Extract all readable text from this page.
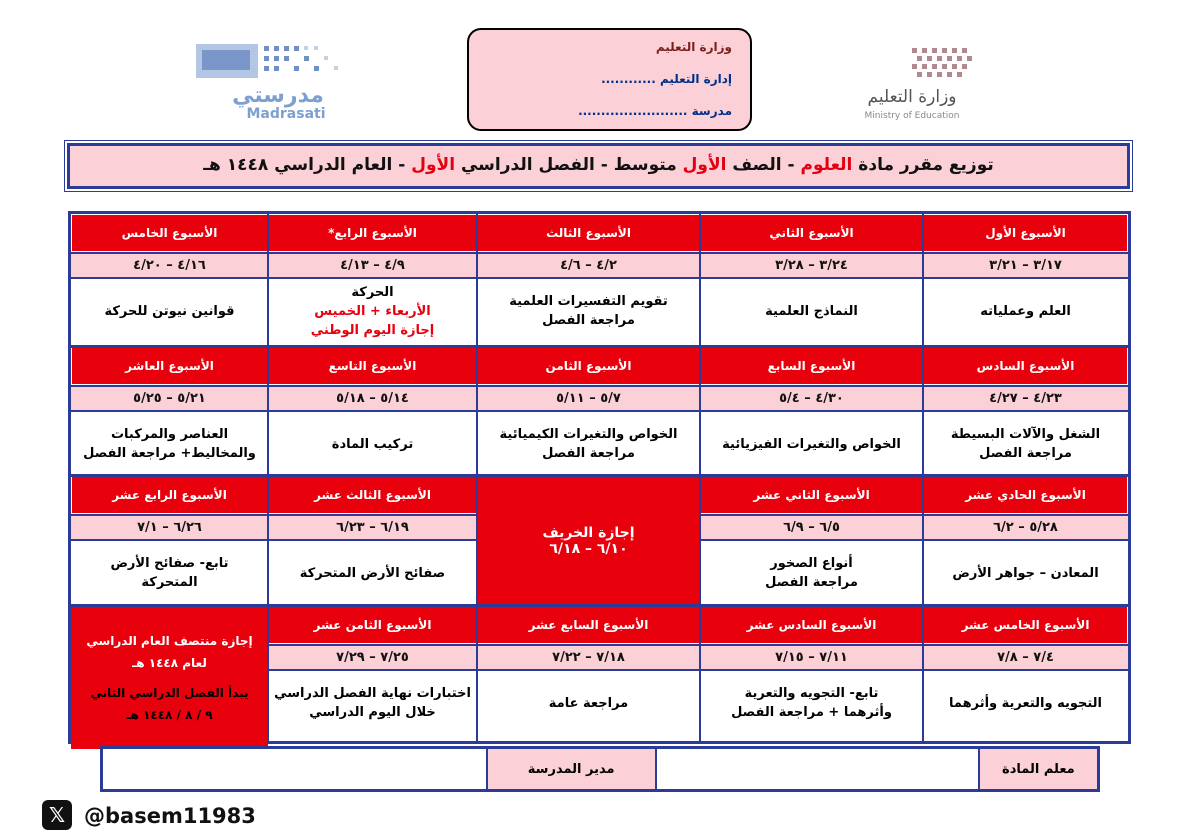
مدرستي
Madrasati
وزارة التعليم
Ministry of Education
وزارة التعليم
إدارة التعليم ............
مدرسة ........................
توزيع مقرر مادة العلوم - الصف الأول متوسط - الفصل الدراسي الأول - العام الدراسي ١٤٤٨ هـ
الأسبوع الأول
٣/١٧ – ٣/٢١
العلم وعملياته
الأسبوع الثاني
٣/٢٤ – ٣/٢٨
النماذج العلمية
الأسبوع الثالث
٤/٢ – ٤/٦
تقويم التفسيرات العلمية
مراجعة الفصل
الأسبوع الرابع*
٤/٩ – ٤/١٣
الحركة
الأربعاء + الخميس
إجازة اليوم الوطني
الأسبوع الخامس
٤/١٦ – ٤/٢٠
قوانين نيوتن للحركة
الأسبوع السادس
٤/٢٣ – ٤/٢٧
الشغل والآلات البسيطة
مراجعة الفصل
الأسبوع السابع
٤/٣٠ – ٥/٤
الخواص والتغيرات الفيزيائية
الأسبوع الثامن
٥/٧ – ٥/١١
الخواص والتغيرات الكيميائية
مراجعة الفصل
الأسبوع التاسع
٥/١٤ – ٥/١٨
تركيب المادة
الأسبوع العاشر
٥/٢١ – ٥/٢٥
العناصر والمركبات
والمخاليط+ مراجعة الفصل
الأسبوع الحادي عشر
٥/٢٨ – ٦/٢
المعادن – جواهر الأرض
الأسبوع الثاني عشر
٦/٥ – ٦/٩
أنواع الصخور
مراجعة الفصل
الأسبوع الثالث عشر
٦/١٩ – ٦/٢٣
صفائح الأرض المتحركة
الأسبوع الرابع عشر
٦/٢٦ – ٧/١
تابع- صفائح الأرض
المتحركة
الأسبوع الخامس عشر
٧/٤ – ٧/٨
التجويه والتعرية وأثرهما
الأسبوع السادس عشر
٧/١١ – ٧/١٥
تابع- التجويه والتعرية
وأثرهما + مراجعة الفصل
الأسبوع السابع عشر
٧/١٨ – ٧/٢٢
مراجعة عامة
الأسبوع الثامن عشر
٧/٢٥ – ٧/٢٩
اختبارات نهاية الفصل الدراسي
خلال اليوم الدراسي
إجازة الخريف
٦/١٠ – ٦/١٨
إجازة منتصف العام الدراسي
لعام ١٤٤٨ هـ
يبدأ الفصل الدراسي الثاني
٩ / ٨ / ١٤٤٨ هـ
معلم المادة
مدير المدرسة
𝕏 @basem11983
